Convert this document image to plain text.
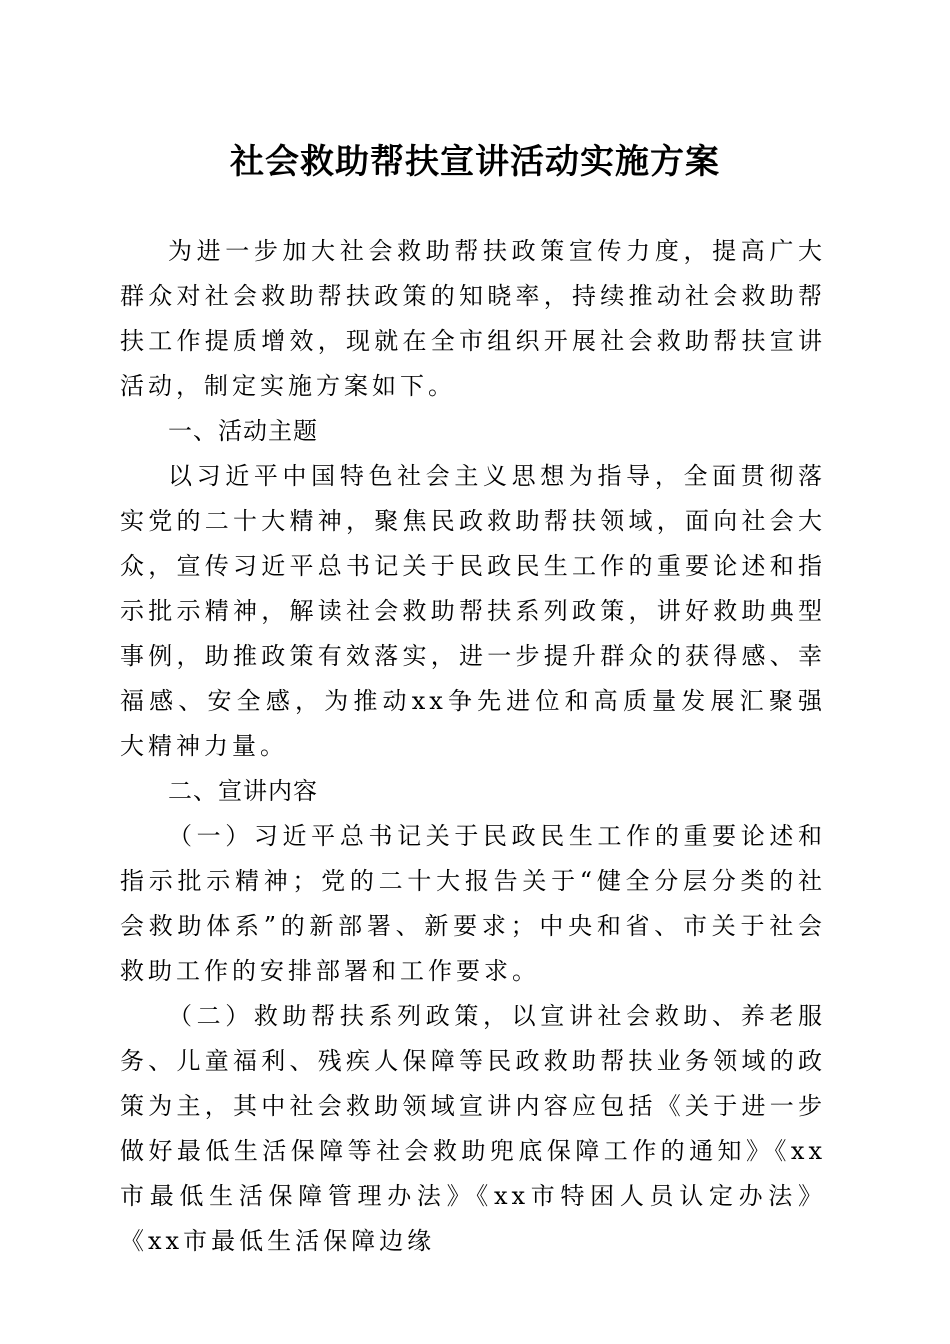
社会救助帮扶宣讲活动实施方案

为进一步加大社会救助帮扶政策宣传力度，提高广大群众对社会救助帮扶政策的知晓率，持续推动社会救助帮扶工作提质增效，现就在全市组织开展社会救助帮扶宣讲活动，制定实施方案如下。

一、活动主题

以习近平中国特色社会主义思想为指导，全面贯彻落实党的二十大精神，聚焦民政救助帮扶领域，面向社会大众，宣传习近平总书记关于民政民生工作的重要论述和指示批示精神，解读社会救助帮扶系列政策，讲好救助典型事例，助推政策有效落实，进一步提升群众的获得感、幸福感、安全感，为推动xx争先进位和高质量发展汇聚强大精神力量。

二、宣讲内容

（一）习近平总书记关于民政民生工作的重要论述和指示批示精神；党的二十大报告关于“健全分层分类的社会救助体系”的新部署、新要求；中央和省、市关于社会救助工作的安排部署和工作要求。

（二）救助帮扶系列政策，以宣讲社会救助、养老服务、儿童福利、残疾人保障等民政救助帮扶业务领域的政策为主，其中社会救助领域宣讲内容应包括《关于进一步做好最低生活保障等社会救助兜底保障工作的通知》《xx市最低生活保障管理办法》《xx市特困人员认定办法》《xx市最低生活保障边缘
